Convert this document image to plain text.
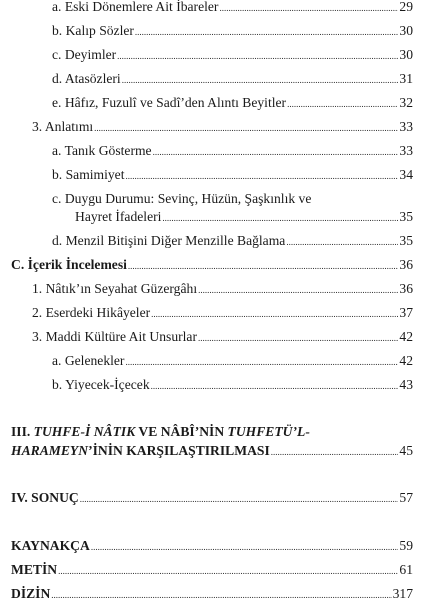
a. Eski Dönemlere Ait İbareler .....	29
b. Kalıp Sözler .....	30
c. Deyimler .....	30
d. Atasözleri .....	31
e. Hâfız, Fuzulî ve Sadî’den Alıntı Beyitler .....	32
3. Anlatımı .....	33
a. Tanık Gösterme .....	33
b. Samimiyet .....	34
c. Duygu Durumu: Sevinç, Hüzün, Şaşkınlık ve
Hayret İfadeleri .....	35
d. Menzil Bitişini Diğer Menzille Bağlama .....	35
C. İçerik İncelemesi .....	36
1. Nâtık’ın Seyahat Güzergâhı .....	36
2. Eserdeki Hikâyeler .....	37
3. Maddi Kültüre Ait Unsurlar .....	42
a. Gelenekler .....	42
b. Yiyecek-İçecek .....	43
III. TUHFE-İ NÂTIK VE NÂBÎ’NİN TUHFETÜ’L-
HARAMEYN’İNİN KARŞILAŞTIRILMASI .....	45
IV. SONUÇ .....	57
KAYNAKÇA .....	59
METİN .....	61
DİZİN .....	317
